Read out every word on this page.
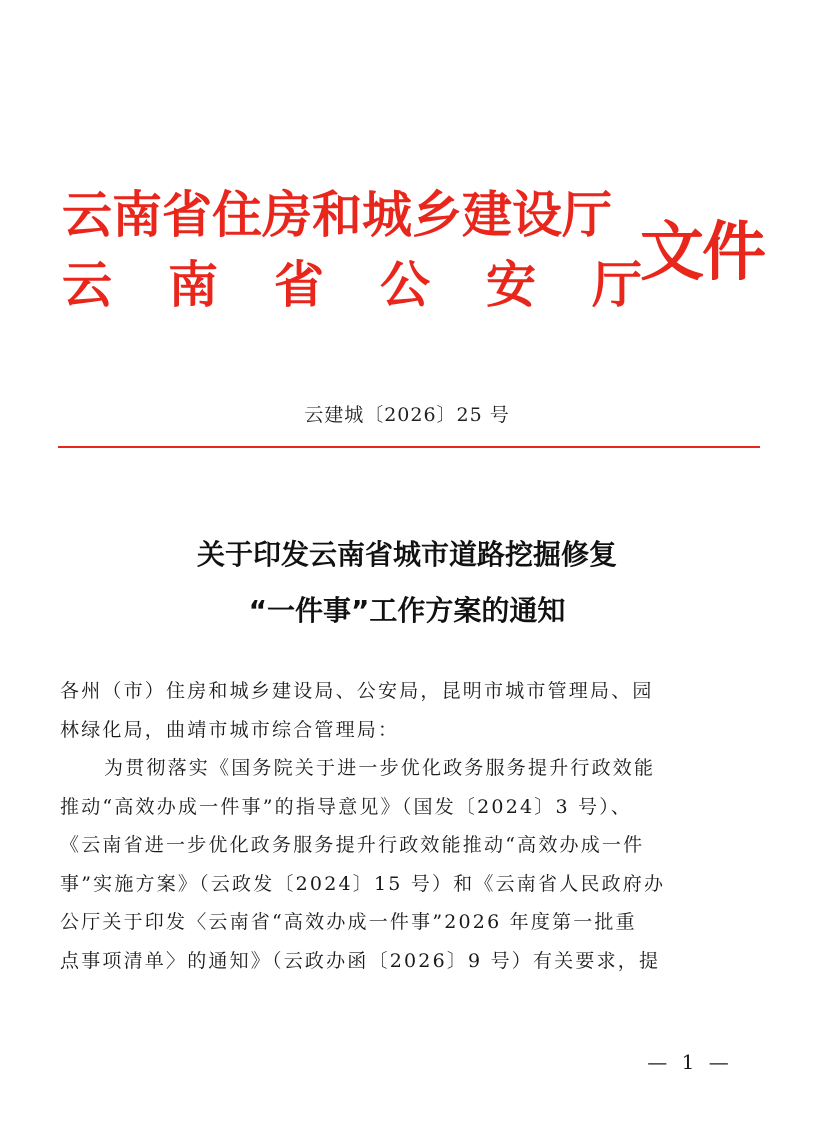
云南省住房和城乡建设厅
云 南 省 公 安 厅
文件
云建城〔2026〕25 号
关于印发云南省城市道路挖掘修复
“一件事”工作方案的通知
各州（市）住房和城乡建设局、公安局，昆明市城市管理局、园
林绿化局，曲靖市城市综合管理局：
为贯彻落实《国务院关于进一步优化政务服务提升行政效能
推动“高效办成一件事”的指导意见》（国发〔2024〕3 号）、
《云南省进一步优化政务服务提升行政效能推动“高效办成一件
事”实施方案》（云政发〔2024〕15 号）和《云南省人民政府办
公厅关于印发〈云南省“高效办成一件事”2026 年度第一批重
点事项清单〉的通知》（云政办函〔2026〕9 号）有关要求，提
— 1 —
